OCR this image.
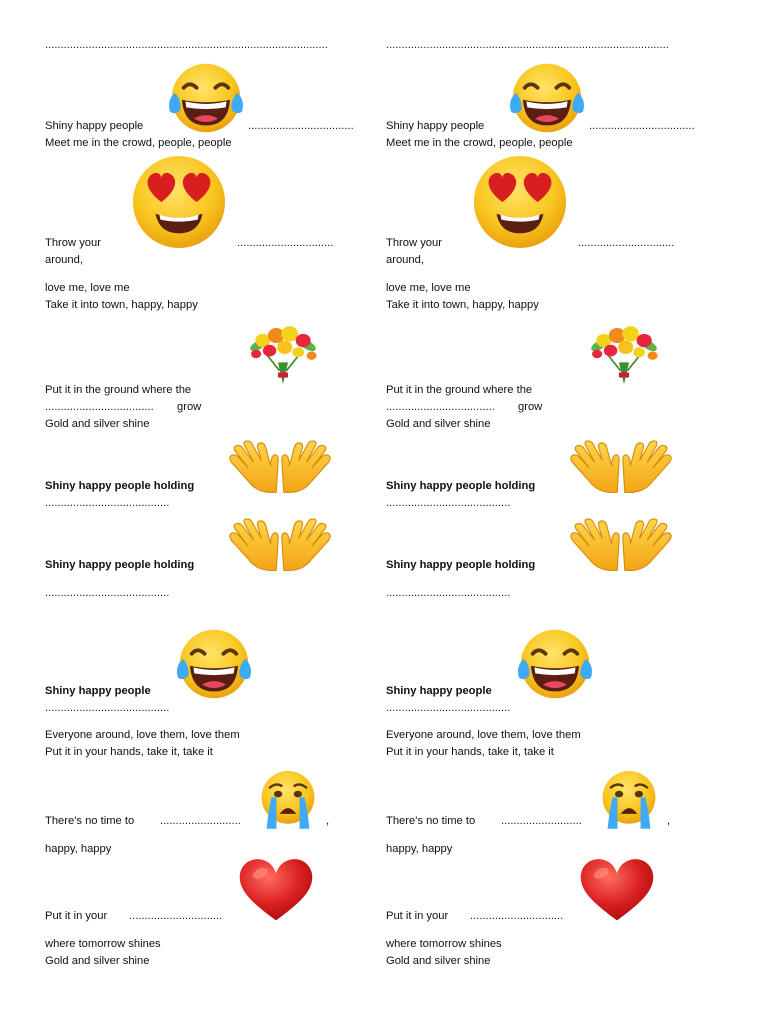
...........................................................................................
Shiny happy people	..................................
Meet me in the crowd, people, people
Throw your	...............................
around,
love me, love me
Take it into town, happy, happy
Put it in the ground where the
................................... grow
Gold and silver shine
Shiny happy people holding
........................................
Shiny happy people holding
........................................
Shiny happy people
........................................
Everyone around, love them, love them
Put it in your hands, take it, take it
There's no time to ..........................	,
happy, happy
Put it in your ..............................
where tomorrow shines
Gold and silver shine
...........................................................................................
Shiny happy people	..................................
Meet me in the crowd, people, people
Throw your	...............................
around,
love me, love me
Take it into town, happy, happy
Put it in the ground where the
................................... grow
Gold and silver shine
Shiny happy people holding
........................................
Shiny happy people holding
........................................
Shiny happy people
........................................
Everyone around, love them, love them
Put it in your hands, take it, take it
There's no time to ..........................	,
happy, happy
Put it in your ..............................
where tomorrow shines
Gold and silver shine
